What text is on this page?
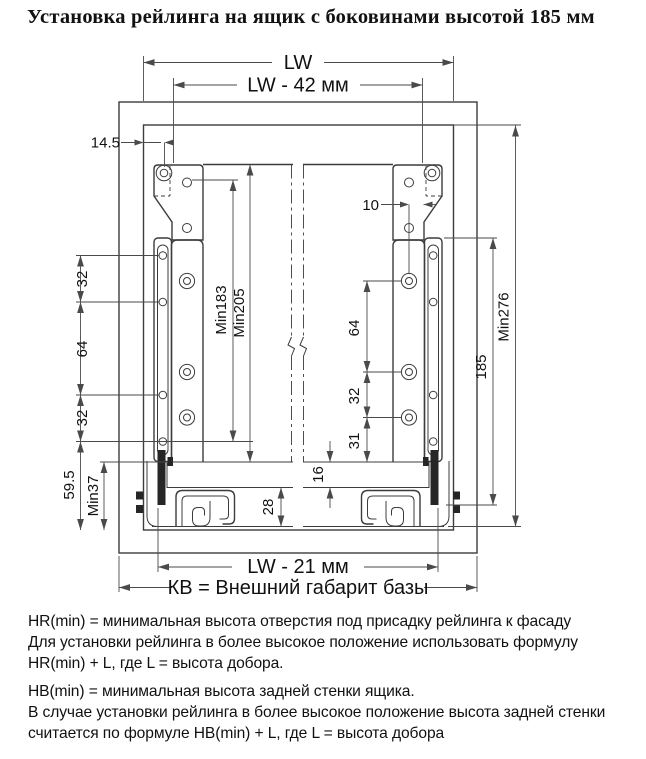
Установка рейлинга на ящик с боковинами высотой 185 мм
LW
LW - 42 мм
14.5
32
64
32
59.5 Min37
Min183 Min205
10
64
32
31
16
28
185
Min276
LW - 21 мм
КВ = Внешний габарит базы
HR(min) = минимальная высота отверстия под присадку рейлинга к фасаду
Для установки рейлинга в более высокое положение использовать формулу
HR(min) + L, где L = высота добора.
HB(min) = минимальная высота задней стенки ящика.
В случае установки рейлинга в более высокое положение высота задней стенки
считается по формуле HB(min) + L, где L = высота добора
